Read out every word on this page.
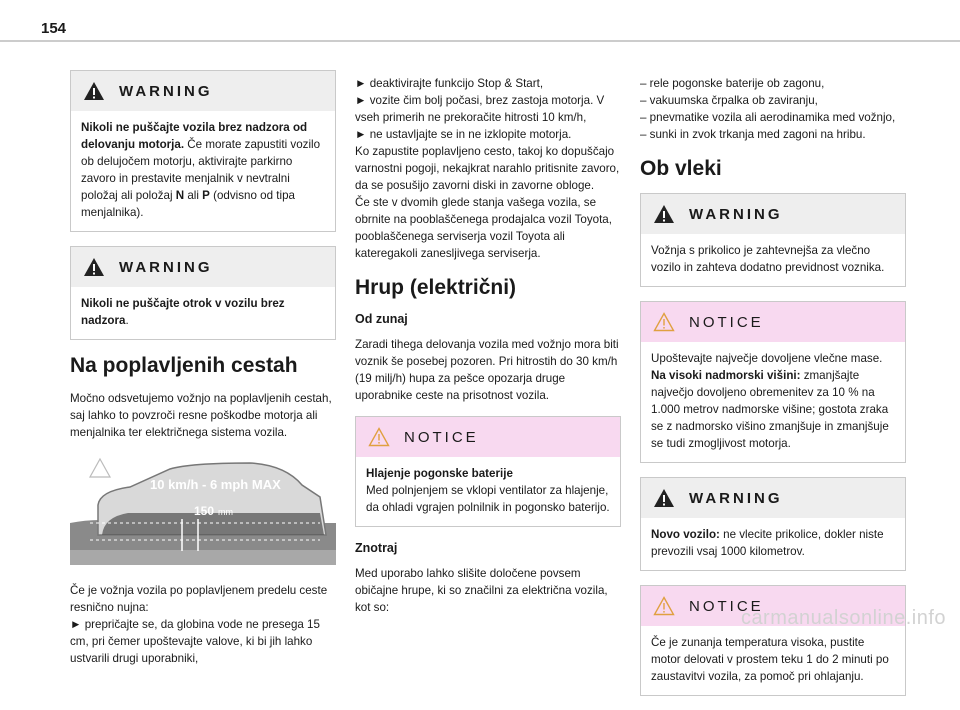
154
WARNING
Nikoli ne puščajte vozila brez nadzora od delovanju motorja. Če morate zapustiti vozilo ob delujočem motorju, aktivirajte parkirno zavoro in prestavite menjalnik v nevtralni položaj ali položaj N ali P (odvisno od tipa menjalnika).
WARNING
Nikoli ne puščajte otrok v vozilu brez nadzora.
Na poplavljenih cestah

Močno odsvetujemo vožnjo na poplavljenih cestah, saj lahko to povzroči resne poškodbe motorja ali menjalnika ter električnega sistema vozila.

10 km/h - 6 mph MAX
150 mm

Če je vožnja vozila po poplavljenem predelu ceste resnično nujna:

► prepričajte se, da globina vode ne presega 15 cm, pri čemer upoštevajte valove, ki bi jih lahko ustvarili drugi uporabniki,

► deaktivirajte funkcijo Stop & Start,

► vozite čim bolj počasi, brez zastoja motorja. V vseh primerih ne prekoračite hitrosti 10 km/h,

► ne ustavljajte se in ne izklopite motorja.

Ko zapustite poplavljeno cesto, takoj ko dopuščajo varnostni pogoji, nekajkrat narahlo pritisnite zavoro, da se posušijo zavorni diski in zavorne obloge.

Če ste v dvomih glede stanja vašega vozila, se obrnite na pooblaščenega prodajalca vozil Toyota, pooblaščenega serviserja vozil Toyota ali kateregakoli zanesljivega serviserja.

Hrup (električni)
Od zunaj

Zaradi tihega delovanja vozila med vožnjo mora biti voznik še posebej pozoren. Pri hitrostih do 30 km/h (19 milj/h) hupa za pešce opozarja druge uporabnike ceste na prisotnost vozila.

NOTICE
Hlajenje pogonske baterije
Med polnjenjem se vklopi ventilator za hlajenje, da ohladi vgrajen polnilnik in pogonsko baterijo.
Znotraj

Med uporabo lahko slišite določene povsem običajne hrupe, ki so značilni za električna vozila, kot so:

– rele pogonske baterije ob zagonu,

– vakuumska črpalka ob zaviranju,

– pnevmatike vozila ali aerodinamika med vožnjo,

– sunki in zvok trkanja med zagoni na hribu.

Ob vleki
WARNING
Vožnja s prikolico je zahtevnejša za vlečno vozilo in zahteva dodatno previdnost voznika.
NOTICE
Upoštevajte največje dovoljene vlečne mase.
Na visoki nadmorski višini: zmanjšajte največjo dovoljeno obremenitev za 10 % na 1.000 metrov nadmorske višine; gostota zraka se z nadmorsko višino zmanjšuje in zmanjšuje se tudi zmogljivost motorja.
WARNING
Novo vozilo: ne vlecite prikolice, dokler niste prevozili vsaj 1000 kilometrov.
NOTICE
Če je zunanja temperatura visoka, pustite motor delovati v prostem teku 1 do 2 minuti po zaustavitvi vozila, za pomoč pri ohlajanju.
carmanualsonline.info
